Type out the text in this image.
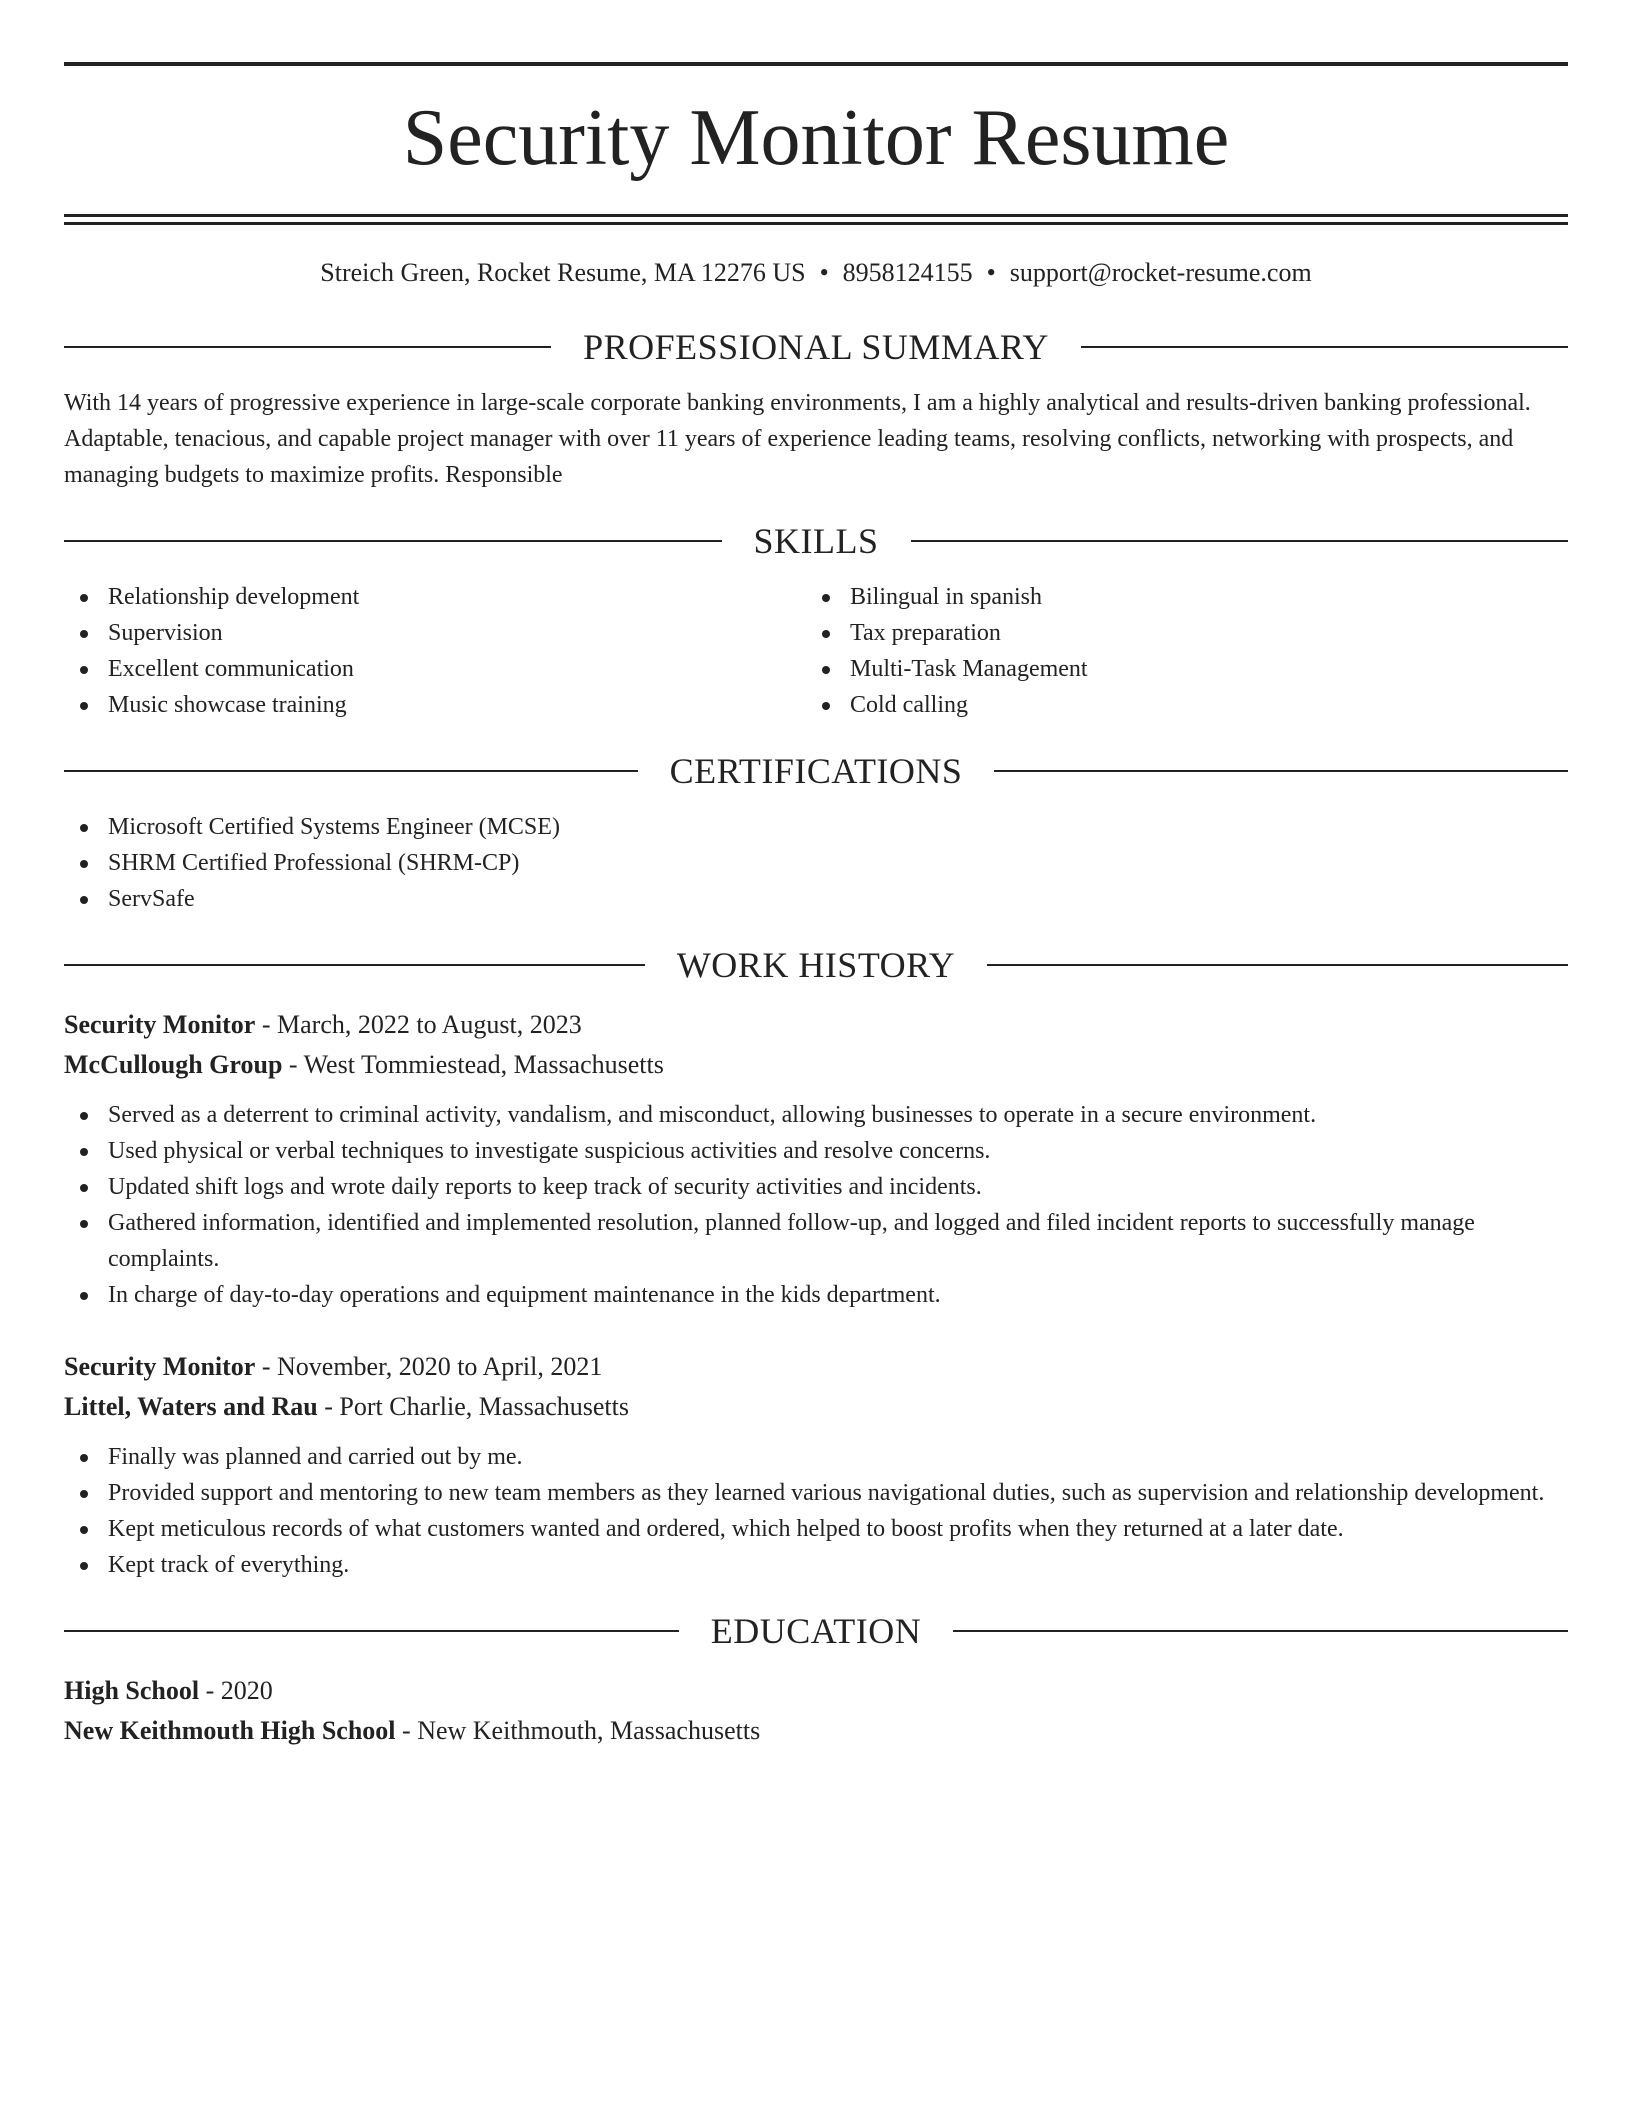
Security Monitor Resume
Streich Green, Rocket Resume, MA 12276 US • 8958124155 • support@rocket-resume.com
PROFESSIONAL SUMMARY
With 14 years of progressive experience in large-scale corporate banking environments, I am a highly analytical and results-driven banking professional. Adaptable, tenacious, and capable project manager with over 11 years of experience leading teams, resolving conflicts, networking with prospects, and managing budgets to maximize profits. Responsible
SKILLS
Relationship development
Supervision
Excellent communication
Music showcase training
Bilingual in spanish
Tax preparation
Multi-Task Management
Cold calling
CERTIFICATIONS
Microsoft Certified Systems Engineer (MCSE)
SHRM Certified Professional (SHRM-CP)
ServSafe
WORK HISTORY
Security Monitor - March, 2022 to August, 2023
McCullough Group - West Tommiestead, Massachusetts
Served as a deterrent to criminal activity, vandalism, and misconduct, allowing businesses to operate in a secure environment.
Used physical or verbal techniques to investigate suspicious activities and resolve concerns.
Updated shift logs and wrote daily reports to keep track of security activities and incidents.
Gathered information, identified and implemented resolution, planned follow-up, and logged and filed incident reports to successfully manage complaints.
In charge of day-to-day operations and equipment maintenance in the kids department.
Security Monitor - November, 2020 to April, 2021
Littel, Waters and Rau - Port Charlie, Massachusetts
Finally was planned and carried out by me.
Provided support and mentoring to new team members as they learned various navigational duties, such as supervision and relationship development.
Kept meticulous records of what customers wanted and ordered, which helped to boost profits when they returned at a later date.
Kept track of everything.
EDUCATION
High School - 2020
New Keithmouth High School - New Keithmouth, Massachusetts
